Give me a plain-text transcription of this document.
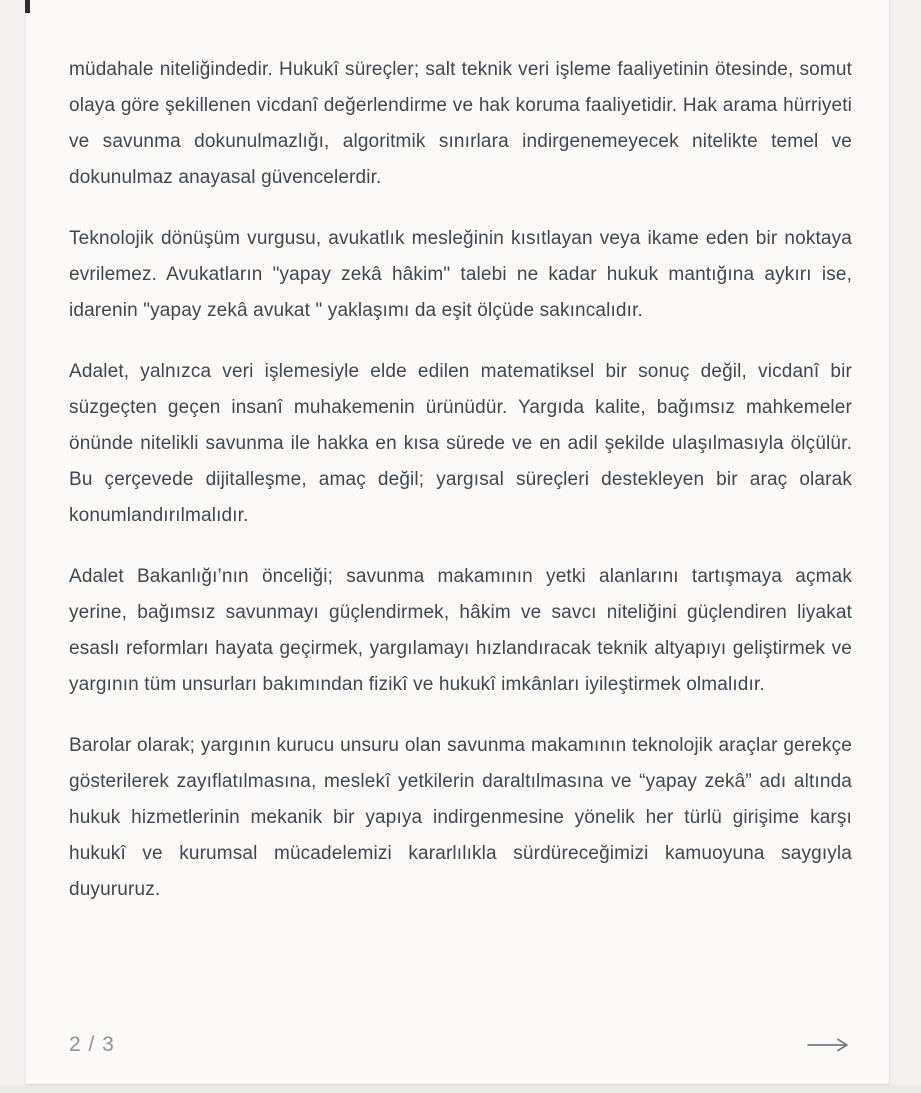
müdahale niteliğindedir. Hukukî süreçler; salt teknik veri işleme faaliyetinin ötesinde, somut olaya göre şekillenen vicdanî değerlendirme ve hak koruma faaliyetidir. Hak arama hürriyeti ve savunma dokunulmazlığı, algoritmik sınırlara indirgenemeyecek nitelikte temel ve dokunulmaz anayasal güvencelerdir.

Teknolojik dönüşüm vurgusu, avukatlık mesleğinin kısıtlayan veya ikame eden bir noktaya evrilemez. Avukatların "yapay zekâ hâkim" talebi ne kadar hukuk mantığına aykırı ise, idarenin "yapay zekâ avukat " yaklaşımı da eşit ölçüde sakıncalıdır.

Adalet, yalnızca veri işlemesiyle elde edilen matematiksel bir sonuç değil, vicdanî bir süzgeçten geçen insanî muhakemenin ürünüdür. Yargıda kalite, bağımsız mahkemeler önünde nitelikli savunma ile hakka en kısa sürede ve en adil şekilde ulaşılmasıyla ölçülür. Bu çerçevede dijitalleşme, amaç değil; yargısal süreçleri destekleyen bir araç olarak konumlandırılmalıdır.

Adalet Bakanlığı’nın önceliği; savunma makamının yetki alanlarını tartışmaya açmak yerine, bağımsız savunmayı güçlendirmek, hâkim ve savcı niteliğini güçlendiren liyakat esaslı reformları hayata geçirmek, yargılamayı hızlandıracak teknik altyapıyı geliştirmek ve yargının tüm unsurları bakımından fizikî ve hukukî imkânları iyileştirmek olmalıdır.

Barolar olarak; yargının kurucu unsuru olan savunma makamının teknolojik araçlar gerekçe gösterilerek zayıflatılmasına, meslekî yetkilerin daraltılmasına ve “yapay zekâ” adı altında hukuk hizmetlerinin mekanik bir yapıya indirgenmesine yönelik her türlü girişime karşı hukukî ve kurumsal mücadelemizi kararlılıkla sürdüreceğimizi kamuoyuna saygıyla duyururuz.

2 / 3
